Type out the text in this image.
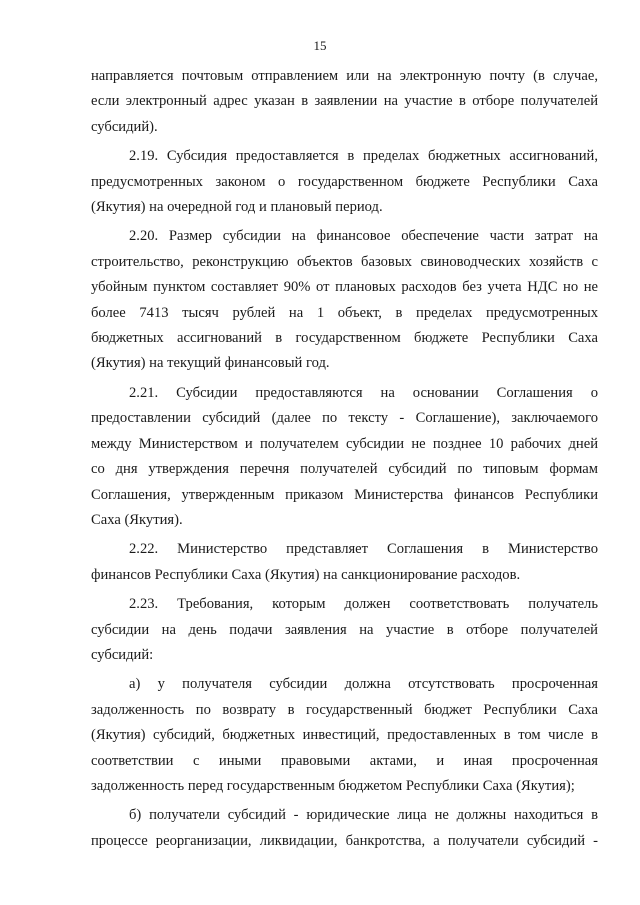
15
направляется почтовым отправлением или на электронную почту (в случае,
если электронный адрес указан в заявлении на участие в отборе получателей
субсидий).
2.19. Субсидия предоставляется в пределах бюджетных ассигнований,
предусмотренных законом о государственном бюджете Республики Саха
(Якутия) на очередной год и плановый период.
2.20. Размер субсидии на финансовое обеспечение части затрат на
строительство, реконструкцию объектов базовых свиноводческих хозяйств с
убойным пунктом составляет 90% от плановых расходов без учета НДС но не
более 7413 тысяч рублей на 1 объект, в пределах предусмотренных
бюджетных ассигнований в государственном бюджете Республики Саха
(Якутия) на текущий финансовый год.
2.21. Субсидии предоставляются на основании Соглашения о
предоставлении субсидий (далее по тексту - Соглашение), заключаемого
между Министерством и получателем субсидии не позднее 10 рабочих дней
со дня утверждения перечня получателей субсидий по типовым формам
Соглашения, утвержденным приказом Министерства финансов Республики
Саха (Якутия).
2.22. Министерство представляет Соглашения в Министерство
финансов Республики Саха (Якутия) на санкционирование расходов.
2.23. Требования, которым должен соответствовать получатель
субсидии на день подачи заявления на участие в отборе получателей
субсидий:
а) у получателя субсидии должна отсутствовать просроченная
задолженность по возврату в государственный бюджет Республики Саха
(Якутия) субсидий, бюджетных инвестиций, предоставленных в том числе в
соответствии с иными правовыми актами, и иная просроченная
задолженность перед государственным бюджетом Республики Саха (Якутия);
б) получатели субсидий - юридические лица не должны находиться в
процессе реорганизации, ликвидации, банкротства, а получатели субсидий -
